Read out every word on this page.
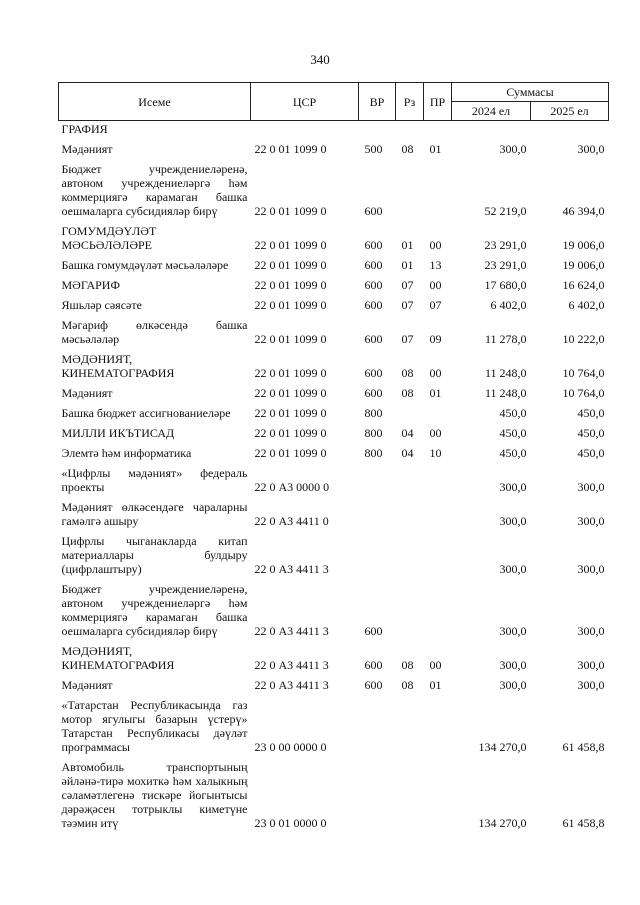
340
Исеме	ЦСР	ВР	Рз	ПР	Суммасы	
					2024 ел	2025 ел
ГРАФИЯ						
Мәдәният	22 0 01 1099 0	500	08	01	300,0	300,0
Бюджет учреждениеләренә, автоном учреждениеләргә һәм коммерциягә карамаган башка оешмаларга субсидияләр бирү	22 0 01 1099 0	600			52 219,0	46 394,0
ГОМУМДӘҮЛӘТ МӘСЬӘЛӘЛӘРЕ	22 0 01 1099 0	600	01	00	23 291,0	19 006,0
Башка гомумдәүләт мәсьәләләре	22 0 01 1099 0	600	01	13	23 291,0	19 006,0
МӘГАРИФ	22 0 01 1099 0	600	07	00	17 680,0	16 624,0
Яшьләр сәясәте	22 0 01 1099 0	600	07	07	6 402,0	6 402,0
Мәгариф өлкәсендә башка мәсьәләләр	22 0 01 1099 0	600	07	09	11 278,0	10 222,0
МӘДӘНИЯТ, КИНЕМАТОГРАФИЯ	22 0 01 1099 0	600	08	00	11 248,0	10 764,0
Мәдәният	22 0 01 1099 0	600	08	01	11 248,0	10 764,0
Башка бюджет ассигнованиеләре	22 0 01 1099 0	800			450,0	450,0
МИЛЛИ ИКЪТИСАД	22 0 01 1099 0	800	04	00	450,0	450,0
Элемтә һәм информатика	22 0 01 1099 0	800	04	10	450,0	450,0
«Цифрлы мәдәният» федераль проекты	22 0 А3 0000 0				300,0	300,0
Мәдәният өлкәсендәге чараларны гамәлгә ашыру	22 0 А3 4411 0				300,0	300,0
Цифрлы чыганакларда китап материаллары булдыру (цифрлаштыру)	22 0 А3 4411 3				300,0	300,0
Бюджет учреждениеләренә, автоном учреждениеләргә һәм коммерциягә карамаган башка оешмаларга субсидияләр бирү	22 0 А3 4411 3	600			300,0	300,0
МӘДӘНИЯТ, КИНЕМАТОГРАФИЯ	22 0 А3 4411 3	600	08	00	300,0	300,0
Мәдәният	22 0 А3 4411 3	600	08	01	300,0	300,0
«Татарстан Республикасында газ мотор ягулыгы базарын үстерү» Татарстан Республикасы дәүләт программасы	23 0 00 0000 0				134 270,0	61 458,8
Автомобиль транспортының әйләнә-тирә мохиткә һәм халыкның сәламәтлегенә тискәре йогынтысы дәрәҗәсен тотрыклы киметүне тәэмин итү	23 0 01 0000 0				134 270,0	61 458,8
